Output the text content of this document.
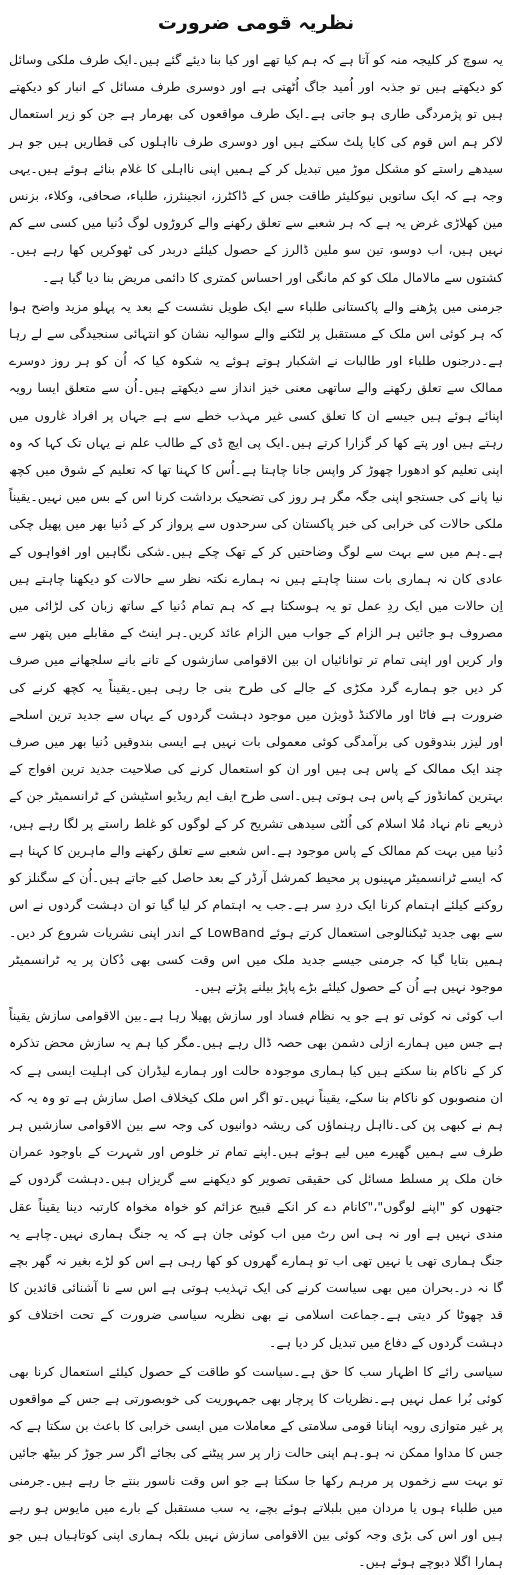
نظریہ قومی ضرورت

یہ سوچ کر کلیجہ منہ کو آتا ہے کہ ہم کیا تھے اور کیا بنا دیئے گئے ہیں۔ایک طرف ملکی وسائل کو دیکھتے ہیں تو جذبہ اور اُمید جاگ اُٹھتی ہے اور دوسری طرف مسائل کے انبار کو دیکھتے ہیں تو پژمردگی طاری ہو جاتی ہے۔ایک طرف مواقعوں کی بھرمار ہے جن کو زیر استعمال لاکر ہم اس قوم کی کایا پلٹ سکتے ہیں اور دوسری طرف نااہلوں کی قطاریں ہیں جو ہر سیدھے راستے کو مشکل موڑ میں تبدیل کر کے ہمیں اپنی نااہلی کا غلام بنائے ہوئے ہیں۔یہی وجہ ہے کہ ایک ساتویں نیوکلیئر طاقت جس کے ڈاکٹرز، انجینئرز، طلباء، صحافی، وکلاء، بزنس مین کھلاڑی غرض یہ ہے کہ ہر شعبے سے تعلق رکھنے والے کروڑوں لوگ دُنیا میں کسی سے کم نہیں ہیں، اب دوسو، تین سو ملین ڈالرز کے حصول کیلئے دربدر کی ٹھوکریں کھا رہے ہیں۔کشتوں سے مالامال ملک کو کم مانگی اور احساس کمتری کا دائمی مریض بنا دیا گیا ہے۔

جرمنی میں پڑھنے والے پاکستانی طلباء سے ایک طویل نشست کے بعد یہ پہلو مزید واضح ہوا کہ ہر کوئی اس ملک کے مستقبل پر لٹکنے والے سوالیہ نشان کو انتہائی سنجیدگی سے لے رہا ہے۔درجنوں طلباء اور طالبات نے اشکبار ہوتے ہوئے یہ شکوہ کیا کہ اُن کو ہر روز دوسرے ممالک سے تعلق رکھنے والے ساتھی معنی خیز انداز سے دیکھتے ہیں۔اُن سے متعلق ایسا رویہ اپنائے ہوئے ہیں جیسے ان کا تعلق کسی غیر مہذب خطے سے ہے جہاں پر افراد غاروں میں رہتے ہیں اور پتے کھا کر گزارا کرتے ہیں۔ایک پی ایچ ڈی کے طالب علم نے یہاں تک کہا کہ وہ اپنی تعلیم کو ادھورا چھوڑ کر واپس جانا چاہتا ہے۔اُس کا کہنا تھا کہ تعلیم کے شوق میں کچھ نیا پانے کی جستجو اپنی جگہ مگر ہر روز کی تضحیک برداشت کرنا اس کے بس میں نہیں۔یقیناً ملکی حالات کی خرابی کی خبر پاکستان کی سرحدوں سے پرواز کر کے دُنیا بھر میں پھیل چکی ہے۔ہم میں سے بہت سے لوگ وضاحتیں کر کے تھک چکے ہیں۔شکی نگاہیں اور افواہوں کے عادی کان نہ ہماری بات سننا چاہتے ہیں نہ ہمارے نکتہ نظر سے حالات کو دیکھنا چاہتے ہیں اِن حالات میں ایک ردِ عمل تو یہ ہوسکتا ہے کہ ہم تمام دُنیا کے ساتھ زبان کی لڑائی میں مصروف ہو جائیں ہر الزام کے جواب میں الزام عائد کریں۔ہر اینٹ کے مقابلے میں پتھر سے وار کریں اور اپنی تمام تر توانائیاں ان بین الاقوامی سازشوں کے تانے بانے سلجھانے میں صرف کر دیں جو ہمارے گرد مکڑی کے جالے کی طرح بنی جا رہی ہیں۔یقیناً یہ کچھ کرنے کی ضرورت ہے فاٹا اور مالاکنڈ ڈویژن میں موجود دہشت گردوں کے یہاں سے جدید ترین اسلحے اور لیزر بندوقوں کی برآمدگی کوئی معمولی بات نہیں ہے ایسی بندوقیں دُنیا بھر میں صرف چند ایک ممالک کے پاس ہی ہیں اور ان کو استعمال کرنے کی صلاحیت جدید ترین افواج کے بہترین کمانڈوز کے پاس ہی ہوتی ہیں۔اسی طرح ایف ایم ریڈیو اسٹیشن کے ٹرانسمیٹر جن کے ذریعے نام نہاد مُلا اسلام کی اُلٹی سیدھی تشریح کر کے لوگوں کو غلط راستے پر لگا رہے ہیں، دُنیا میں بہت کم ممالک کے پاس موجود ہے۔اس شعبے سے تعلق رکھنے والے ماہرین کا کہنا ہے کہ ایسے ٹرانسمیٹر مہینوں پر محیط کمرشل آرڈر کے بعد حاصل کیے جاتے ہیں۔اُن کے سگنلز کو روکنے کیلئے اہتمام کرنا ایک دردِ سر ہے۔جب یہ اہتمام کر لیا گیا تو ان دہشت گردوں نے اس سے بھی جدید ٹیکنالوجی استعمال کرتے ہوئے LowBand کے اندر اپنی نشریات شروع کر دیں۔ہمیں بتایا گیا کہ جرمنی جیسے جدید ملک میں اس وقت کسی بھی دُکان پر یہ ٹرانسمیٹر موجود نہیں ہے اُن کے حصول کیلئے بڑے پاپڑ بیلنے پڑتے ہیں۔

اب کوئی نہ کوئی تو ہے جو یہ نظام فساد اور سازش پھیلا رہا ہے۔بین الاقوامی سازش یقیناً ہے جس میں ہمارے ازلی دشمن بھی حصہ ڈال رہے ہیں۔مگر کیا ہم یہ سازش محض تذکرہ کر کے ناکام بنا سکتے ہیں کیا ہماری موجودہ حالت اور ہمارے لیڈران کی اہلیت ایسی ہے کہ ان منصوبوں کو ناکام بنا سکے، یقیناً نہیں۔تو اگر اس ملک کیخلاف اصل سازش ہے تو وہ یہ کہ ہم نے کبھی پن کی۔نااہل رہنماؤں کی ریشہ دوانیوں کی وجہ سے بین الاقوامی سازشیں ہر طرف سے ہمیں گھیرے میں لیے ہوئے ہیں۔اپنے تمام تر خلوص اور شہرت کے باوجود عمران خان ملک پر مسلط مسائل کی حقیقی تصویر کو دیکھنے سے گریزاں ہیں۔دہشت گردوں کے جتھوں کو "اپنے لوگوں"،"کانام دے کر انکے قبیح عزائم کو خواہ مخواہ کارتبہ دینا یقیناً عقل مندی نہیں ہے اور نہ ہی اس رٹ میں اب کوئی جان ہے کہ یہ جنگ ہماری نہیں۔چاہے یہ جنگ ہماری تھی یا نہیں تھی اب تو ہمارے گھروں کو کھا رہی ہے اس کو لڑے بغیر نہ گھر بچے گا نہ در۔بحران میں بھی سیاست کرنے کی ایک تہذیب ہوتی ہے اس سے نا آشنائی قائدین کا قد چھوٹا کر دیتی ہے۔جماعت اسلامی نے بھی نظریہ سیاسی ضرورت کے تحت اختلاف کو دہشت گردوں کے دفاع میں تبدیل کر دیا ہے۔

سیاسی رائے کا اظہار سب کا حق ہے۔سیاست کو طاقت کے حصول کیلئے استعمال کرنا بھی کوئی بُرا عمل نہیں ہے۔نظریات کا پرچار بھی جمہوریت کی خوبصورتی ہے جس کے مواقعوں پر غیر متوازی رویہ اپنانا قومی سلامتی کے معاملات میں ایسی خرابی کا باعث بن سکتا ہے کہ جس کا مداوا ممکن نہ ہو۔ہم اپنی حالت زار پر سر پیٹنے کی بجائے اگر سر جوڑ کر بیٹھ جائیں تو بہت سے زخموں پر مرہم رکھا جا سکتا ہے جو اس وقت ناسور بنتے جا رہے ہیں۔جرمنی میں طلباء ہوں یا مردان میں بلبلاتے ہوئے بچے، یہ سب مستقبل کے بارے میں مایوس ہو رہے ہیں اور اس کی بڑی وجہ کوئی بین الاقوامی سازش نہیں بلکہ ہماری اپنی کوتاہیاں ہیں جو ہمارا اگلا دبوچے ہوئے ہیں۔
